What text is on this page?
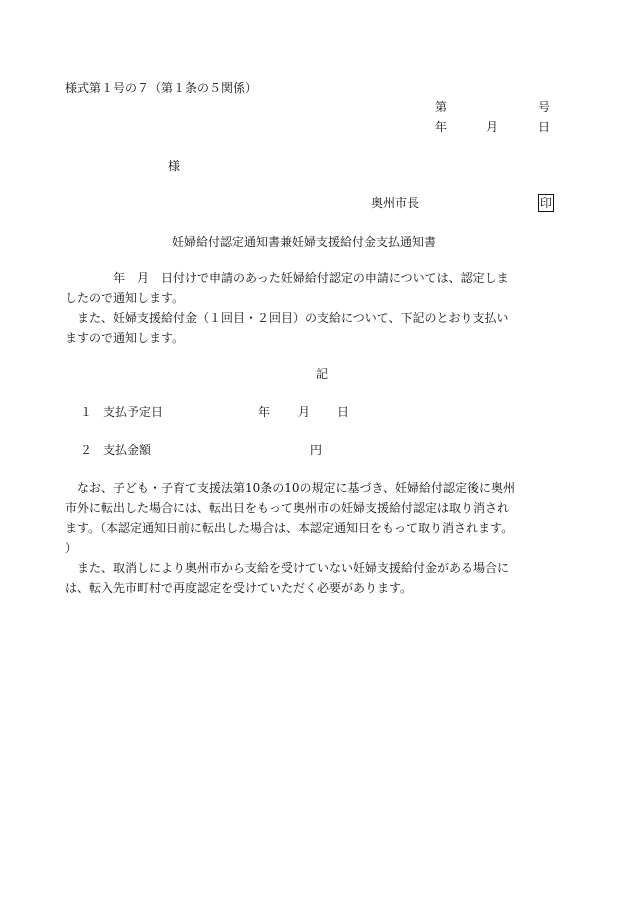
様式第１号の７（第１条の５関係）
第	号
年	月	日
様
奥州市長	印
妊婦給付認定通知書兼妊婦支援給付金支払通知書

　　　　年　月　日付けで申請のあった妊婦給付認定の申請については、認定しま

したので通知します。

　また、妊婦支援給付金（１回目・２回目）の支給について、下記のとおり支払い

ますので通知します。

記
１ 支払予定日	年 月 日
２ 支払金額	円

　なお、子ども・子育て支援法第10条の10の規定に基づき、妊婦給付認定後に奥州

市外に転出した場合には、転出日をもって奥州市の妊婦支援給付認定は取り消され

ます。（本認定通知日前に転出した場合は、本認定通知日をもって取り消されます。

）

　また、取消しにより奥州市から支給を受けていない妊婦支援給付金がある場合に

は、転入先市町村で再度認定を受けていただく必要があります。
